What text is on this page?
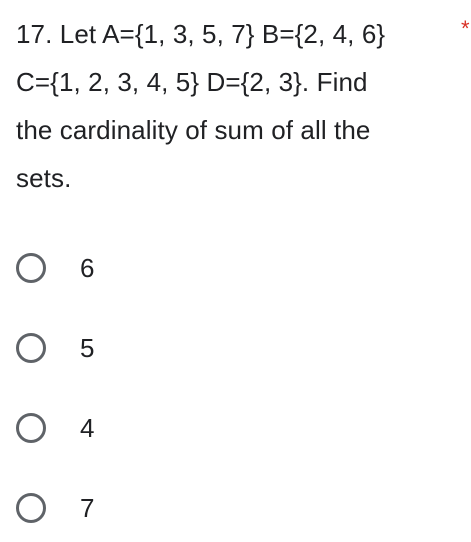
17. Let A={1, 3, 5, 7} B={2, 4, 6}
C={1, 2, 3, 4, 5} D={2, 3}. Find
the cardinality of sum of all the
sets.
*
6
5
4
7
